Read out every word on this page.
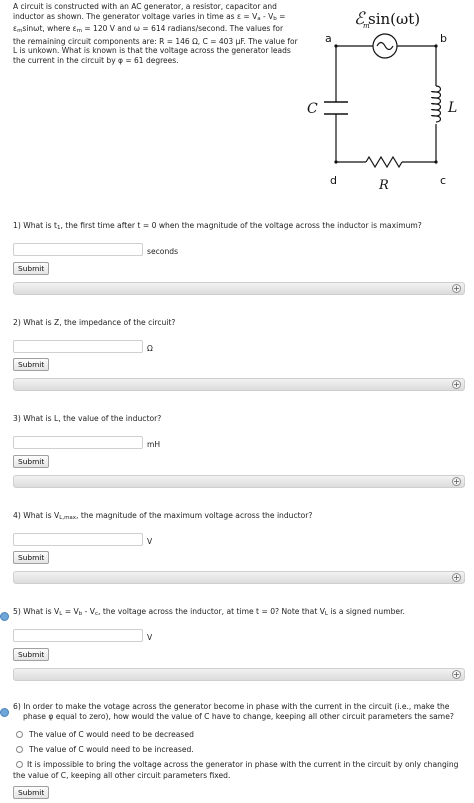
A circuit is constructed with an AC generator, a resistor, capacitor and
inductor as shown. The generator voltage varies in time as $\varepsilon = V_a - V_b$ =
$\varepsilon_m\sin\omega t$, where $\varepsilon_m = 120$ V and ω = 614 radians/second. The values for
the remaining circuit components are: R = 146 Ω, C = 403 μF. The value for
L is unkown. What is known is that the voltage across the generator leads
the current in the circuit by φ = 61 degrees.
ℰ
m
sin(ωt)
a	b
c
d
C	L
R
1) What is $t_1$, the first time after t = 0 when the magnitude of the voltage across the inductor is maximum?
seconds
Submit
+
2) What is Z, the impedance of the circuit?
Ω
Submit
+
3) What is L, the value of the inductor?
mH
Submit
+
4) What is $V_{L,max}$, the magnitude of the maximum voltage across the inductor?
V
Submit
+
5) What is $V_L = V_b - V_c$, the voltage across the inductor, at time t = 0? Note that $V_L$ is a signed number.
V
Submit
+
6) In order to make the votage across the generator become in phase with the current in the circuit (i.e., make the
phase φ equal to zero), how would the value of C have to change, keeping all other circuit parameters the same?
The value of C would need to be decreased
The value of C would need to be increased.
It is impossible to bring the voltage across the generator in phase with the current in the circuit by only changing
the value of C, keeping all other circuit parameters fixed.
Submit
